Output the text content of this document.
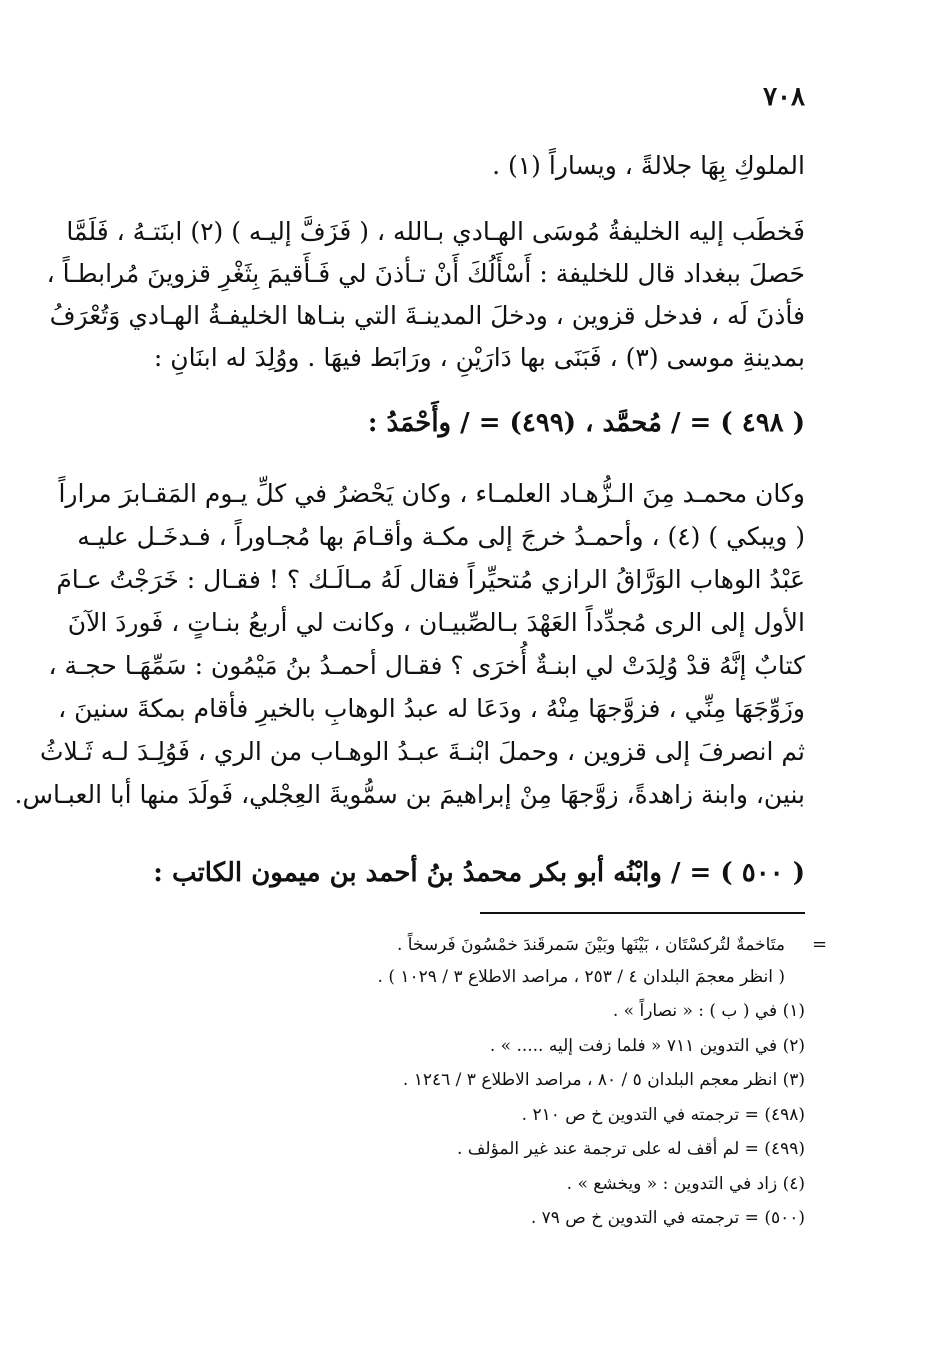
٧٠٨
الملوكِ بِهَا جلالةً ، ويساراً (١) .
فَخطَب إليه الخليفةُ مُوسَى الهـادي بـالله ، ( فَزَفَّ إليـه ) (٢) ابنَتـهُ ، فَلَمَّا
حَصلَ ببغداد قال للخليفة : أَسْأَلُكَ أَنْ تـأذنَ لي فَـأَقيمَ بِثَغْرِ قزوينَ مُرابطـاً ،
فأذنَ لَه ، فدخل قزوين ، ودخلَ المدينـةَ التي بنـاها الخليفـةُ الهـادي وَتُعْرَفُ
بمدينةِ موسى (٣) ، فَبَنَى بها دَارَيْنِ ، ورَابَط فيهَا . ووُلِدَ له ابنَانِ :
( ٤٩٨ ) = / مُحمَّد ، (٤٩٩) = / وأَحْمَدُ :
وكان محمـد مِنَ الـزُّهـاد العلمـاء ، وكان يَحْضرُ في كلِّ يـوم المَقـابرَ مراراً
( ويبكي ) (٤) ، وأحمـدُ خرجَ إلى مكـة وأقـامَ بها مُجـاوراً ، فـدخَـل عليـه
عَبْدُ الوهاب الوَرَّاقُ الرازي مُتحيِّراً فقال لَهُ مـالَـك ؟ ! فقـال : خَرَجْتُ عـامَ
الأول إلى الرى مُجدِّداً العَهْدَ بـالصِّبيـان ، وكانت لي أربعُ بنـاتٍ ، فَوردَ الآنَ
كتابٌ إنَّهُ قدْ وُلِدَتْ لي ابنـةٌ أُخرَى ؟ فقـال أحمـدُ بنُ مَيْمُون : سَمِّهَـا حجـة ،
وزَوِّجَهَا مِنِّي ، فزوَّجهَا مِنْهُ ، ودَعَا له عبدُ الوهابِ بالخيرِ فأقام بمكةَ سنينَ ،
ثم انصرفَ إلى قزوين ، وحملَ ابْنـةَ عبـدُ الوهـاب من الري ، فَوُلِـدَ لـه ثَـلاثُ
بنين، وابنة زاهدةً، زوَّجهَا مِنْ إبراهيمَ بن سمُّويةَ العِجْلي، فَولَدَ منها أبا العبـاس.
( ٥٠٠ ) = / وابْنُه أبو بكر محمدُ بنُ أحمد بن ميمون الكاتب :
=
متَاخمةٌ لتُركسْتَان ، بَيْنَها وبَيْنَ سَمرقَندَ خمْسُونَ فَرسخاً .
( انظر معجمَ البلدان ٤ / ٢٥٣ ، مراصد الاطلاع ٣ / ١٠٢٩ ) .
(١) في ( ب ) : « نصاراً » .
(٢) في التدوين ٧١١ « فلما زفت إليه ..... » .
(٣) انظر معجم البلدان ٥ / ٨٠ ، مراصد الاطلاع ٣ / ١٢٤٦ .
(٤٩٨) = ترجمته في التدوين خ ص ٢١٠ .
(٤٩٩) = لم أقف له على ترجمة عند غير المؤلف .
(٤) زاد في التدوين : « ويخشع » .
(٥٠٠) = ترجمته في التدوين خ ص ٧٩ .
